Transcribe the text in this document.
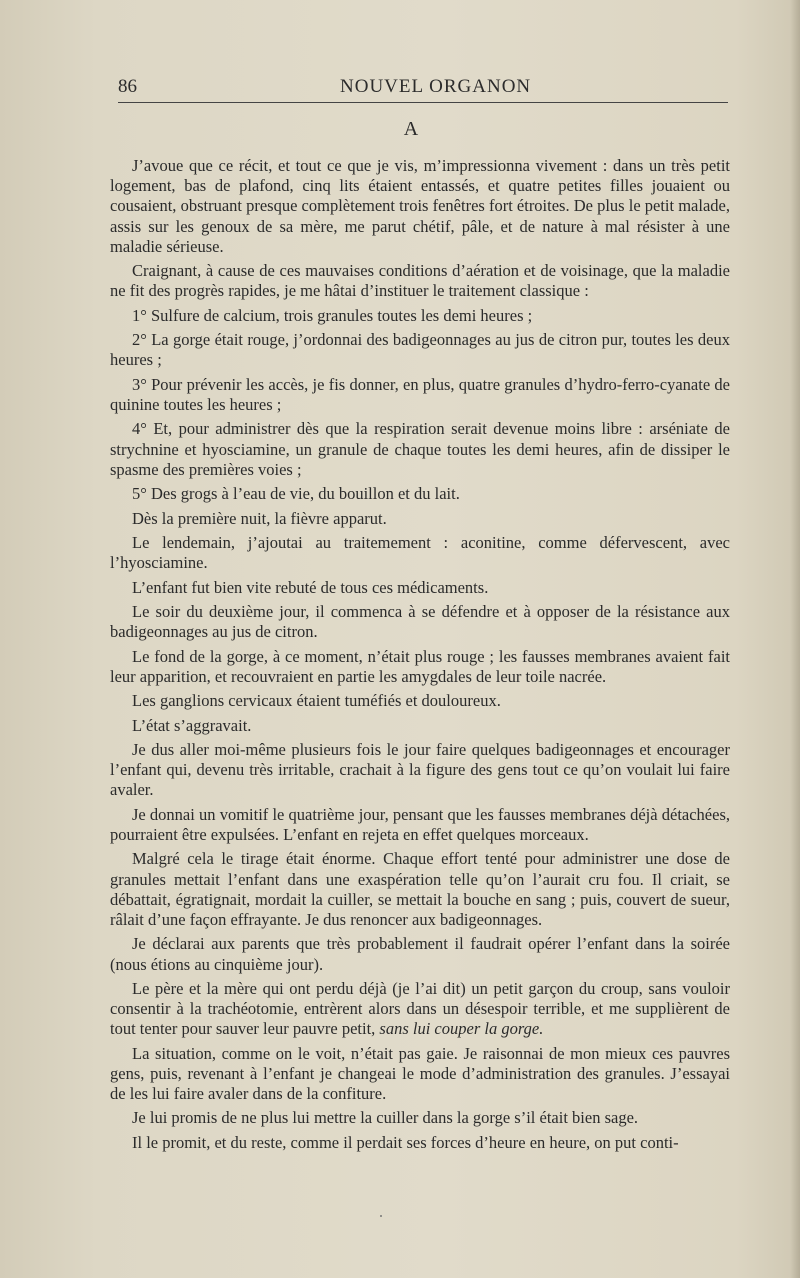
86	NOUVEL ORGANON
A

J’avoue que ce récit, et tout ce que je vis, m’impressionna vivement : dans un très petit logement, bas de plafond, cinq lits étaient entassés, et quatre petites filles jouaient ou cousaient, obstruant presque complètement trois fenêtres fort étroites. De plus le petit malade, assis sur les genoux de sa mère, me parut chétif, pâle, et de nature à mal résister à une maladie sérieuse.

Craignant, à cause de ces mauvaises conditions d’aération et de voisinage, que la maladie ne fit des progrès rapides, je me hâtai d’instituer le traitement classique :

1° Sulfure de calcium, trois granules toutes les demi heures ;

2° La gorge était rouge, j’ordonnai des badigeonnages au jus de citron pur, toutes les deux heures ;

3° Pour prévenir les accès, je fis donner, en plus, quatre granules d’hydro-ferro-cyanate de quinine toutes les heures ;

4° Et, pour administrer dès que la respiration serait devenue moins libre : arséniate de strychnine et hyosciamine, un granule de chaque toutes les demi heures, afin de dissiper le spasme des premières voies ;

5° Des grogs à l’eau de vie, du bouillon et du lait.

Dès la première nuit, la fièvre apparut.

Le lendemain, j’ajoutai au traitemement : aconitine, comme défervescent, avec l’hyosciamine.

L’enfant fut bien vite rebuté de tous ces médicaments.

Le soir du deuxième jour, il commenca à se défendre et à opposer de la résistance aux badigeonnages au jus de citron.

Le fond de la gorge, à ce moment, n’était plus rouge ; les fausses membranes avaient fait leur apparition, et recouvraient en partie les amygdales de leur toile nacrée.

Les ganglions cervicaux étaient tuméfiés et douloureux.

L’état s’aggravait.

Je dus aller moi-même plusieurs fois le jour faire quelques badigeonnages et encourager l’enfant qui, devenu très irritable, crachait à la figure des gens tout ce qu’on voulait lui faire avaler.

Je donnai un vomitif le quatrième jour, pensant que les fausses membranes déjà détachées, pourraient être expulsées. L’enfant en rejeta en effet quelques morceaux.

Malgré cela le tirage était énorme. Chaque effort tenté pour administrer une dose de granules mettait l’enfant dans une exaspération telle qu’on l’aurait cru fou. Il criait, se débattait, égratignait, mordait la cuiller, se mettait la bouche en sang ; puis, couvert de sueur, râlait d’une façon effrayante. Je dus renoncer aux badigeonnages.

Je déclarai aux parents que très probablement il faudrait opérer l’enfant dans la soirée (nous étions au cinquième jour).

Le père et la mère qui ont perdu déjà (je l’ai dit) un petit garçon du croup, sans vouloir consentir à la trachéotomie, entrèrent alors dans un désespoir terrible, et me supplièrent de tout tenter pour sauver leur pauvre petit, sans lui couper la gorge.

La situation, comme on le voit, n’était pas gaie. Je raisonnai de mon mieux ces pauvres gens, puis, revenant à l’enfant je changeai le mode d’administration des granules. J’essayai de les lui faire avaler dans de la confiture.

Je lui promis de ne plus lui mettre la cuiller dans la gorge s’il était bien sage.

Il le promit, et du reste, comme il perdait ses forces d’heure en heure, on put conti-
